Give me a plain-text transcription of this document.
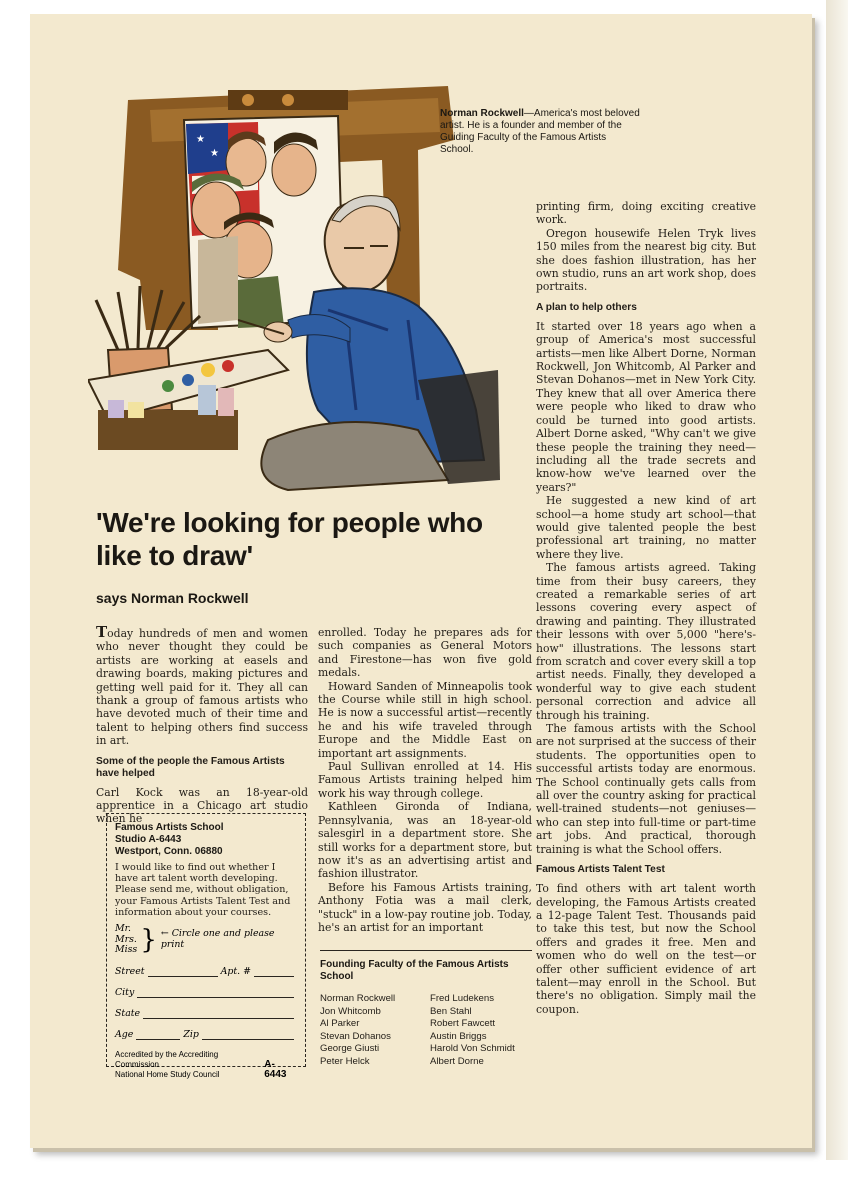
★
★
Norman Rockwell—America's most beloved artist. He is a founder and member of the Guiding Faculty of the Famous Artists School.
'We're looking for people who like to draw'
says Norman Rockwell

Today hundreds of men and women who never thought they could be artists are working at easels and drawing boards, making pictures and getting well paid for it. They all can thank a group of famous artists who have devoted much of their time and talent to helping others find success in art.

Some of the people the Famous Artists have helped

Carl Kock was an 18-year-old apprentice in a Chicago art studio when he

Famous Artists School
Studio A-6443
Westport, Conn. 06880
I would like to find out whether I have art talent worth developing. Please send me, without obligation, your Famous Artists Talent Test and information about your courses.
Mr.
Mrs.
Miss } ← Circle one and please print
Street	Apt. #
City
State
Age	Zip
Accredited by the Accrediting Commission
National Home Study Council
A-6443

enrolled. Today he prepares ads for such companies as General Motors and Firestone—has won five gold medals.

Howard Sanden of Minneapolis took the Course while still in high school. He is now a successful artist—recently he and his wife traveled through Europe and the Middle East on important art assignments.

Paul Sullivan enrolled at 14. His Famous Artists training helped him work his way through college.

Kathleen Gironda of Indiana, Pennsylvania, was an 18-year-old salesgirl in a department store. She still works for a department store, but now it's as an advertising artist and fashion illustrator.

Before his Famous Artists training, Anthony Fotia was a mail clerk, "stuck" in a low-pay routine job. Today, he's an artist for an important

Founding Faculty of the Famous Artists School
Norman Rockwell
Jon Whitcomb
Al Parker
Stevan Dohanos
George Giusti
Peter Helck
Fred Ludekens
Ben Stahl
Robert Fawcett
Austin Briggs
Harold Von Schmidt
Albert Dorne

printing firm, doing exciting creative work.

Oregon housewife Helen Tryk lives 150 miles from the nearest big city. But she does fashion illustration, has her own studio, runs an art work shop, does portraits.

A plan to help others

It started over 18 years ago when a group of America's most successful artists—men like Albert Dorne, Norman Rockwell, Jon Whitcomb, Al Parker and Stevan Dohanos—met in New York City. They knew that all over America there were people who liked to draw who could be turned into good artists. Albert Dorne asked, "Why can't we give these people the training they need—including all the trade secrets and know-how we've learned over the years?"

He suggested a new kind of art school—a home study art school—that would give talented people the best professional art training, no matter where they live.

The famous artists agreed. Taking time from their busy careers, they created a remarkable series of art lessons covering every aspect of drawing and painting. They illustrated their lessons with over 5,000 "here's-how" illustrations. The lessons start from scratch and cover every skill a top artist needs. Finally, they developed a wonderful way to give each student personal correction and advice all through his training.

The famous artists with the School are not surprised at the success of their students. The opportunities open to successful artists today are enormous. The School continually gets calls from all over the country asking for practical well-trained students—not geniuses—who can step into full-time or part-time art jobs. And practical, thorough training is what the School offers.

Famous Artists Talent Test

To find others with art talent worth developing, the Famous Artists created a 12-page Talent Test. Thousands paid to take this test, but now the School offers and grades it free. Men and women who do well on the test—or offer other sufficient evidence of art talent—may enroll in the School. But there's no obligation. Simply mail the coupon.
